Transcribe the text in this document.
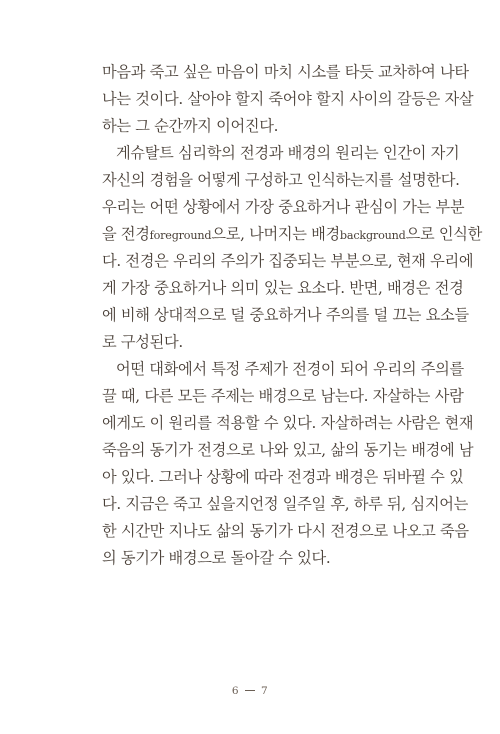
마음과 죽고 싶은 마음이 마치 시소를 타듯 교차하여 나타
나는 것이다. 살아야 할지 죽어야 할지 사이의 갈등은 자살
하는 그 순간까지 이어진다.
게슈탈트 심리학의 전경과 배경의 원리는 인간이 자기
자신의 경험을 어떻게 구성하고 인식하는지를 설명한다.
우리는 어떤 상황에서 가장 중요하거나 관심이 가는 부분
을 전경foreground으로, 나머지는 배경background으로 인식한
다. 전경은 우리의 주의가 집중되는 부분으로, 현재 우리에
게 가장 중요하거나 의미 있는 요소다. 반면, 배경은 전경
에 비해 상대적으로 덜 중요하거나 주의를 덜 끄는 요소들
로 구성된다.
어떤 대화에서 특정 주제가 전경이 되어 우리의 주의를
끌 때, 다른 모든 주제는 배경으로 남는다. 자살하는 사람
에게도 이 원리를 적용할 수 있다. 자살하려는 사람은 현재
죽음의 동기가 전경으로 나와 있고, 삶의 동기는 배경에 남
아 있다. 그러나 상황에 따라 전경과 배경은 뒤바뀔 수 있
다. 지금은 죽고 싶을지언정 일주일 후, 하루 뒤, 심지어는
한 시간만 지나도 삶의 동기가 다시 전경으로 나오고 죽음
의 동기가 배경으로 돌아갈 수 있다.
6 7
